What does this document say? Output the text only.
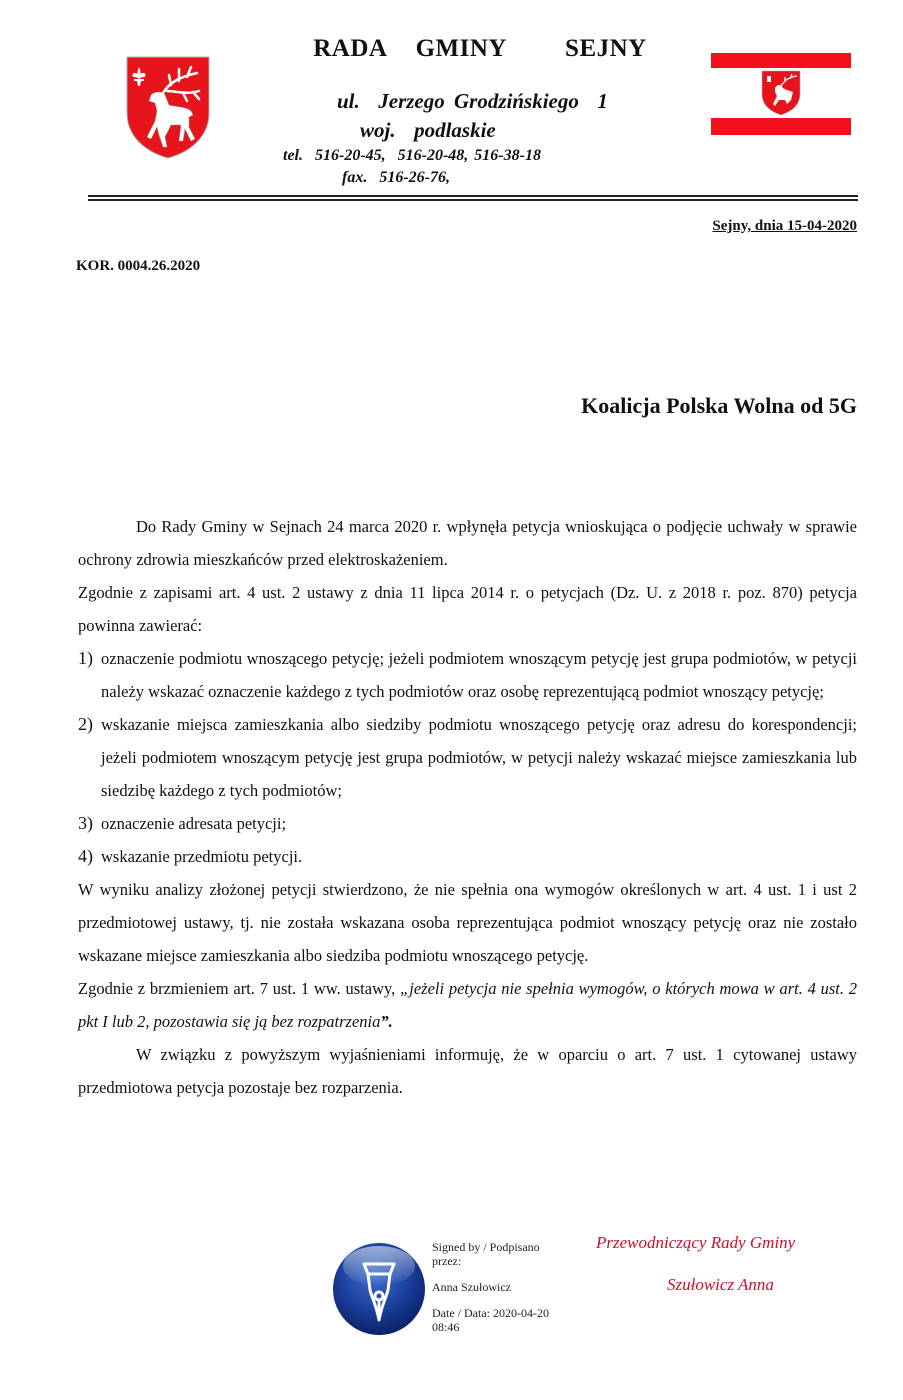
RADA  GMINY    SEJNY
ul.  Jerzego Grodzińskiego  1
woj.  podlaskie
tel.  516-20-45,  516-20-48, 516-38-18
fax.  516-26-76,
Sejny, dnia 15-04-2020
KOR. 0004.26.2020
Koalicja Polska Wolna od 5G

Do Rady Gminy w Sejnach 24 marca 2020 r. wpłynęła petycja wnioskująca o podjęcie uchwały w sprawie ochrony zdrowia mieszkańców przed elektroskażeniem.

Zgodnie z zapisami art. 4 ust. 2 ustawy z dnia 11 lipca 2014 r. o petycjach (Dz. U. z 2018 r. poz. 870) petycja powinna zawierać:

1) oznaczenie podmiotu wnoszącego petycję; jeżeli podmiotem wnoszącym petycję jest grupa podmiotów, w petycji należy wskazać oznaczenie każdego z tych podmiotów oraz osobę reprezentującą podmiot wnoszący petycję;
2) wskazanie miejsca zamieszkania albo siedziby podmiotu wnoszącego petycję oraz adresu do korespondencji; jeżeli podmiotem wnoszącym petycję jest grupa podmiotów, w petycji należy wskazać miejsce zamieszkania lub siedzibę każdego z tych podmiotów;
3) oznaczenie adresata petycji;
4) wskazanie przedmiotu petycji.

W wyniku analizy złożonej petycji stwierdzono, że nie spełnia ona wymogów określonych w art. 4 ust. 1 i ust 2 przedmiotowej ustawy, tj. nie została wskazana osoba reprezentująca podmiot wnoszący petycję oraz nie zostało wskazane miejsce zamieszkania albo siedziba podmiotu wnoszącego petycję.

Zgodnie z brzmieniem art. 7 ust. 1 ww. ustawy, „jeżeli petycja nie spełnia wymogów, o których mowa w art. 4 ust. 2 pkt I lub 2, pozostawia się ją bez rozpatrzenia”.

W związku z powyższym wyjaśnieniami informuję, że w oparciu o art. 7 ust. 1 cytowanej ustawy przedmiotowa petycja pozostaje bez rozparzenia.

Signed by / Podpisano przez:
Anna Szułowicz
Date / Data: 2020-04-20 08:46
Przewodniczący Rady Gminy
Szułowicz Anna
